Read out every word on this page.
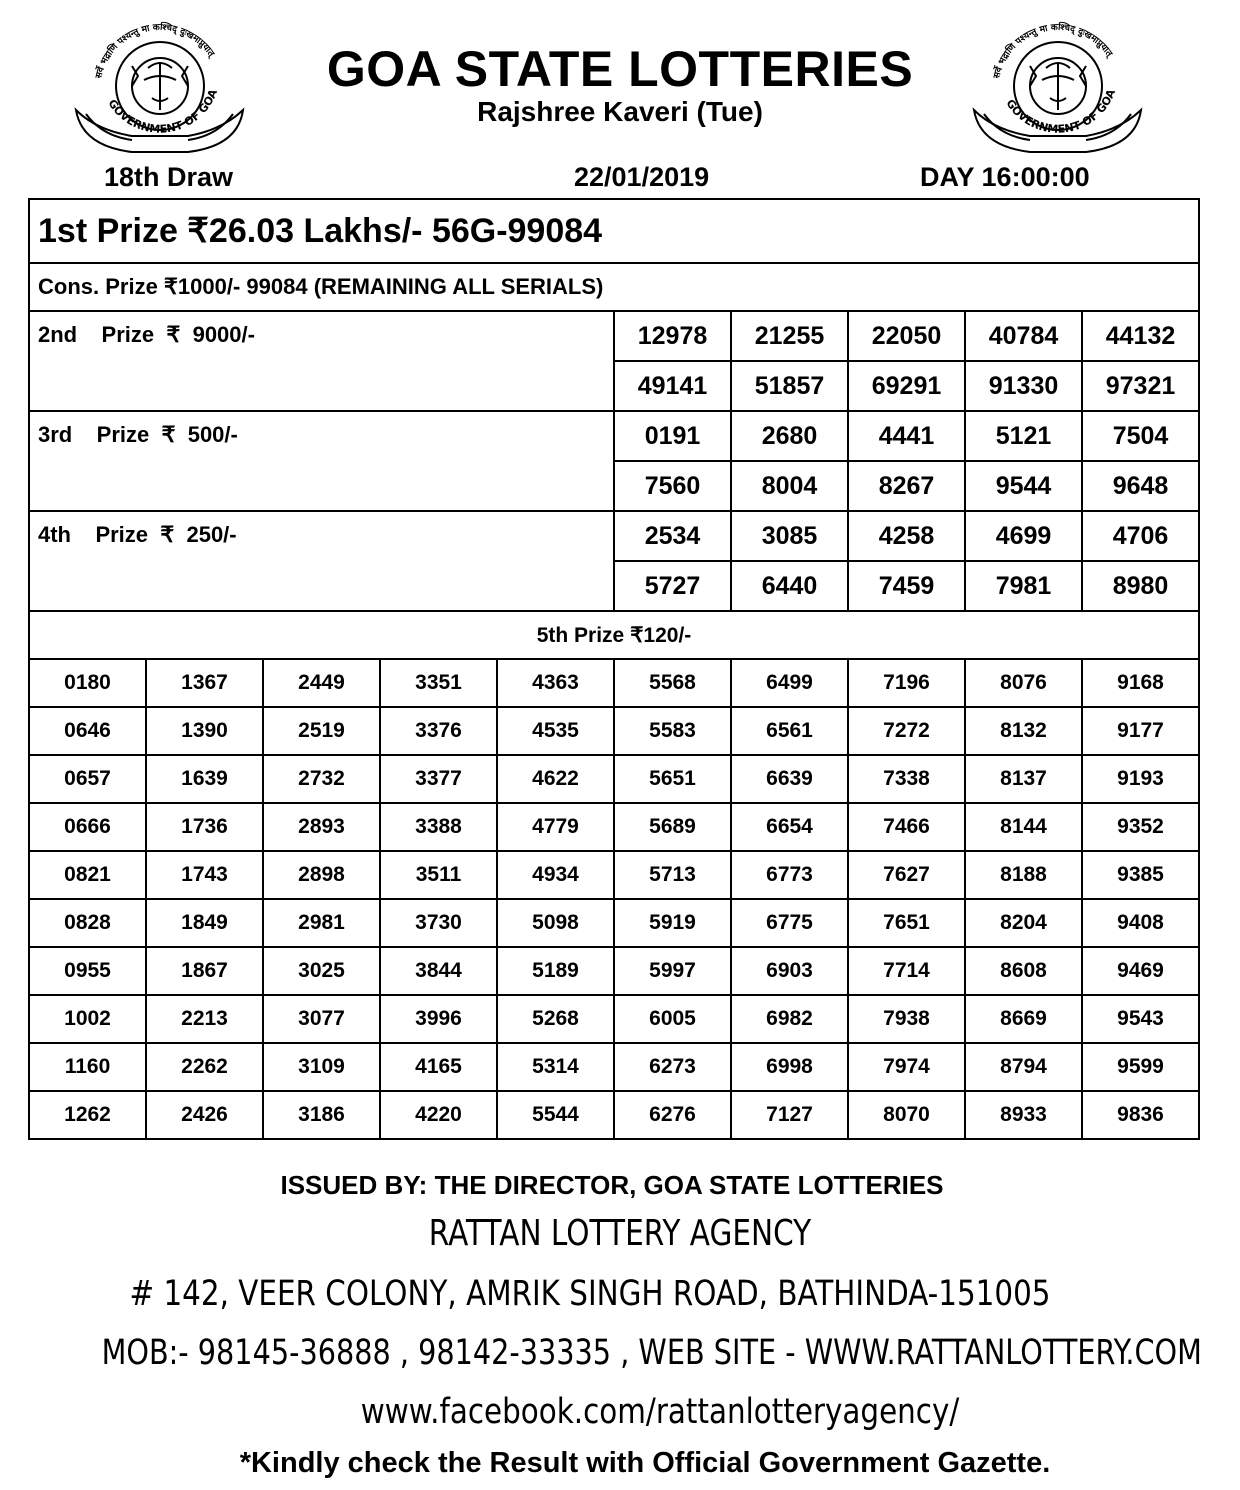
सर्वे भद्राणि पश्यन्तु मा कश्चिद् दुःखमाप्नुयात्
GOVERNMENT OF GOA
सर्वे भद्राणि पश्यन्तु मा कश्चिद् दुःखमाप्नुयात्
GOVERNMENT OF GOA
GOA STATE LOTTERIES
Rajshree Kaveri (Tue)
18th Draw	22/01/2019	DAY 16:00:00
1st Prize ₹26.03 Lakhs/- 56G-99084									
Cons. Prize ₹1000/- 99084 (REMAINING ALL SERIALS)									
2nd    Prize  ₹  9000/-					12978	21255	22050	40784	44132
					49141	51857	69291	91330	97321
3rd    Prize  ₹  500/-					0191	2680	4441	5121	7504
					7560	8004	8267	9544	9648
4th    Prize  ₹  250/-					2534	3085	4258	4699	4706
					5727	6440	7459	7981	8980
5th Prize ₹120/-									
0180	1367	2449	3351	4363	5568	6499	7196	8076	9168
0646	1390	2519	3376	4535	5583	6561	7272	8132	9177
0657	1639	2732	3377	4622	5651	6639	7338	8137	9193
0666	1736	2893	3388	4779	5689	6654	7466	8144	9352
0821	1743	2898	3511	4934	5713	6773	7627	8188	9385
0828	1849	2981	3730	5098	5919	6775	7651	8204	9408
0955	1867	3025	3844	5189	5997	6903	7714	8608	9469
1002	2213	3077	3996	5268	6005	6982	7938	8669	9543
1160	2262	3109	4165	5314	6273	6998	7974	8794	9599
1262	2426	3186	4220	5544	6276	7127	8070	8933	9836
ISSUED BY: THE DIRECTOR, GOA STATE LOTTERIES
RATTAN LOTTERY AGENCY
# 142, VEER COLONY, AMRIK SINGH ROAD, BATHINDA-151005
MOB:- 98145-36888 , 98142-33335 , WEB SITE - WWW.RATTANLOTTERY.COM
www.facebook.com/rattanlotteryagency/
*Kindly check the Result with Official Government Gazette.
